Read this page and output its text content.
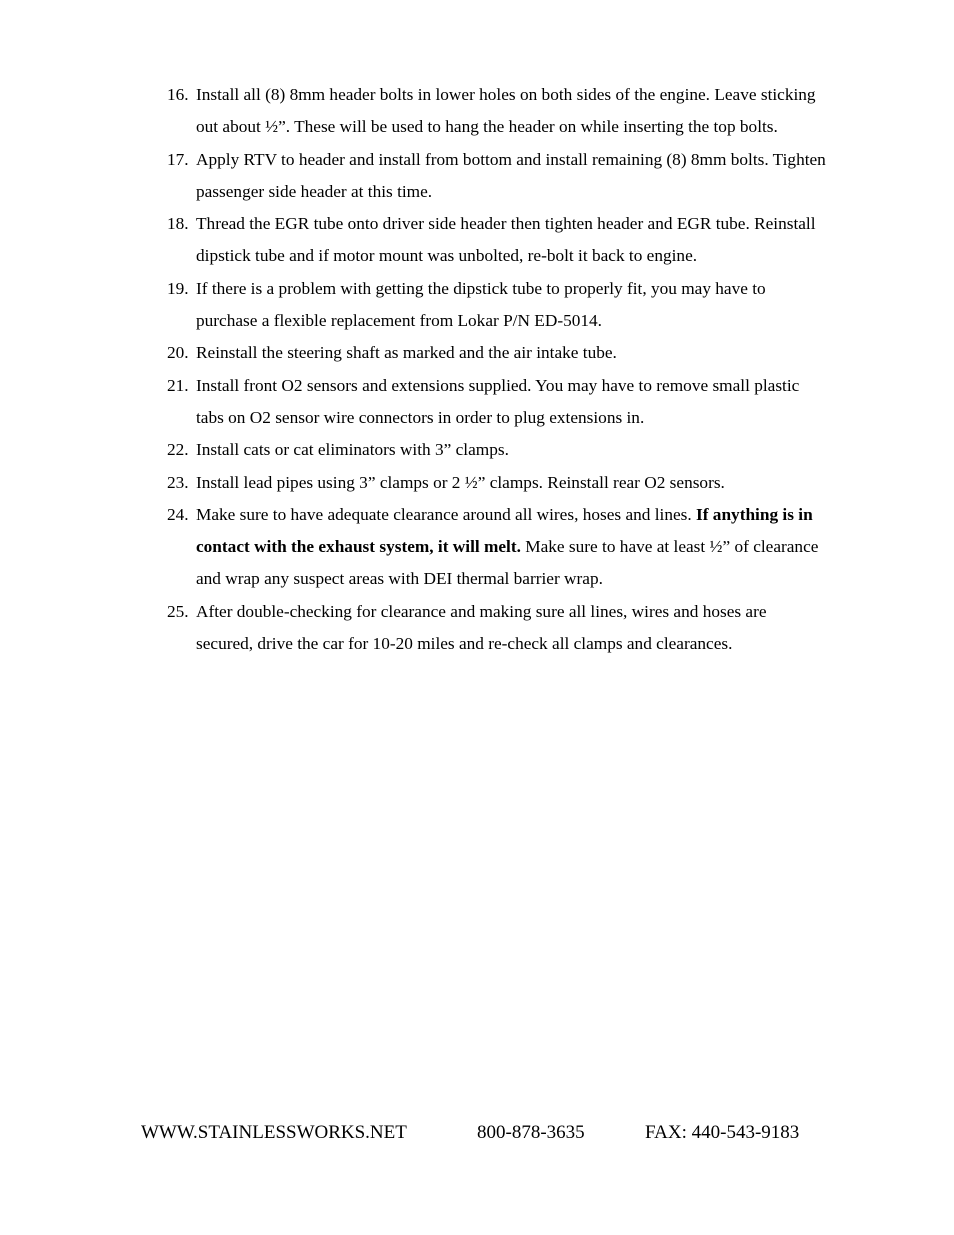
16. Install all (8) 8mm header bolts in lower holes on both sides of the engine. Leave sticking out about ½”. These will be used to hang the header on while inserting the top bolts.
17. Apply RTV to header and install from bottom and install remaining (8) 8mm bolts. Tighten passenger side header at this time.
18. Thread the EGR tube onto driver side header then tighten header and EGR tube. Reinstall dipstick tube and if motor mount was unbolted, re-bolt it back to engine.
19. If there is a problem with getting the dipstick tube to properly fit, you may have to purchase a flexible replacement from Lokar P/N ED-5014.
20. Reinstall the steering shaft as marked and the air intake tube.
21. Install front O2 sensors and extensions supplied. You may have to remove small plastic tabs on O2 sensor wire connectors in order to plug extensions in.
22. Install cats or cat eliminators with 3” clamps.
23. Install lead pipes using 3” clamps or 2 ½” clamps. Reinstall rear O2 sensors.
24. Make sure to have adequate clearance around all wires, hoses and lines. If anything is in contact with the exhaust system, it will melt. Make sure to have at least ½” of clearance and wrap any suspect areas with DEI thermal barrier wrap.
25. After double-checking for clearance and making sure all lines, wires and hoses are secured, drive the car for 10-20 miles and re-check all clamps and clearances.
WWW.STAINLESSWORKS.NET	800-878-3635	FAX: 440-543-9183
